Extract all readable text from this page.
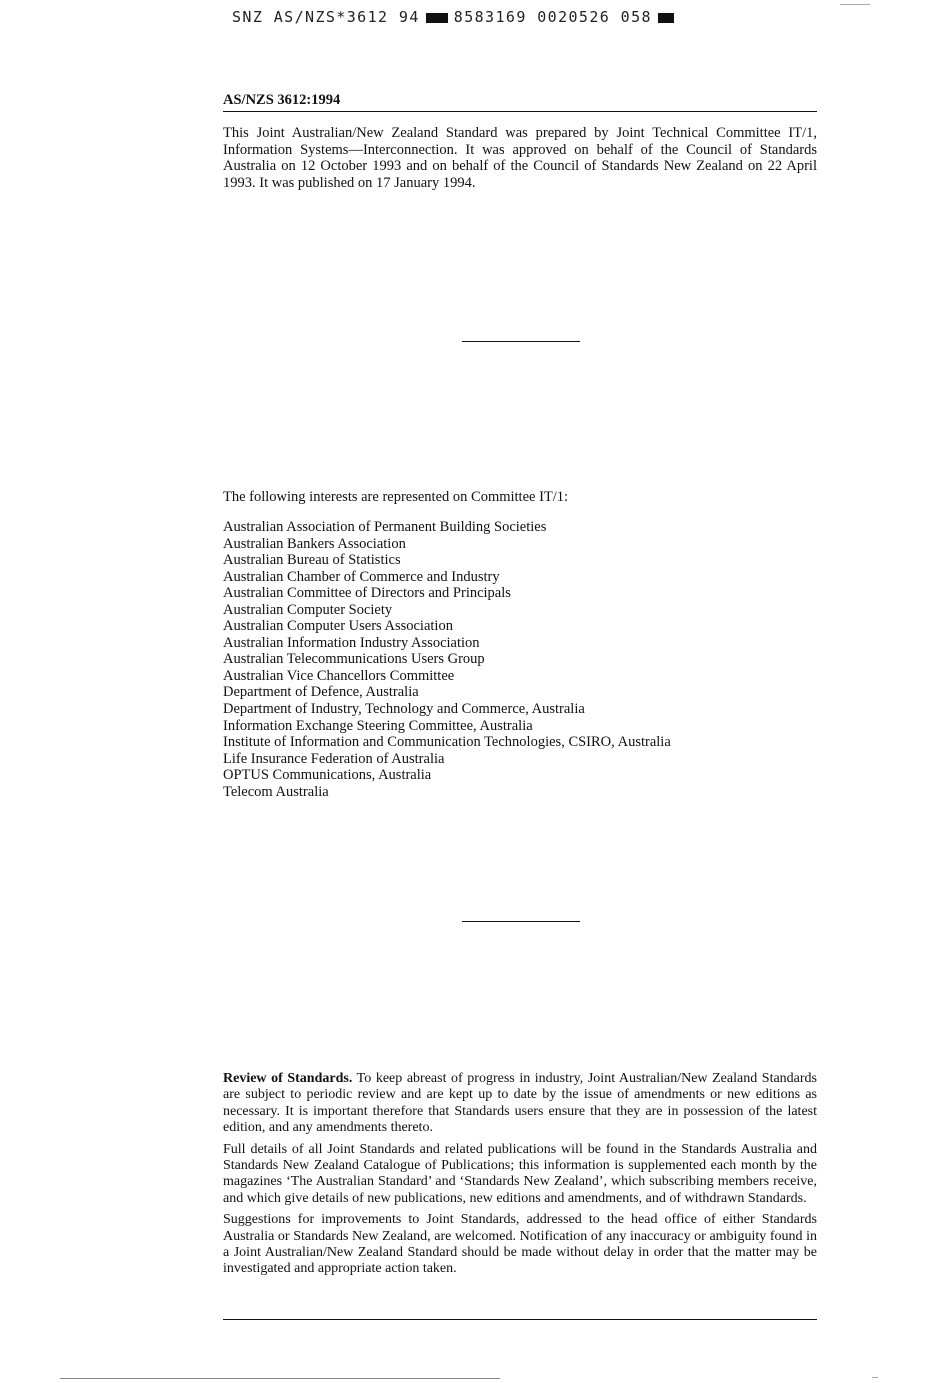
SNZ AS/NZS*3612 94 8583169 0020526 058
AS/NZS 3612:1994
This Joint Australian/New Zealand Standard was prepared by Joint Technical Committee IT/1, Information Systems—Interconnection. It was approved on behalf of the Council of Standards Australia on 12 October 1993 and on behalf of the Council of Standards New Zealand on 22 April 1993. It was published on 17 January 1994.
The following interests are represented on Committee IT/1:
Australian Association of Permanent Building Societies
Australian Bankers Association
Australian Bureau of Statistics
Australian Chamber of Commerce and Industry
Australian Committee of Directors and Principals
Australian Computer Society
Australian Computer Users Association
Australian Information Industry Association
Australian Telecommunications Users Group
Australian Vice Chancellors Committee
Department of Defence, Australia
Department of Industry, Technology and Commerce, Australia
Information Exchange Steering Committee, Australia
Institute of Information and Communication Technologies, CSIRO, Australia
Life Insurance Federation of Australia
OPTUS Communications, Australia
Telecom Australia

Review of Standards. To keep abreast of progress in industry, Joint Australian/New Zealand Standards are subject to periodic review and are kept up to date by the issue of amendments or new editions as necessary. It is important therefore that Standards users ensure that they are in possession of the latest edition, and any amendments thereto.

Full details of all Joint Standards and related publications will be found in the Standards Australia and Standards New Zealand Catalogue of Publications; this information is supplemented each month by the magazines ‘The Australian Standard’ and ‘Standards New Zealand’, which subscribing members receive, and which give details of new publications, new editions and amendments, and of withdrawn Standards.

Suggestions for improvements to Joint Standards, addressed to the head office of either Standards Australia or Standards New Zealand, are welcomed. Notification of any inaccuracy or ambiguity found in a Joint Australian/New Zealand Standard should be made without delay in order that the matter may be investigated and appropriate action taken.
